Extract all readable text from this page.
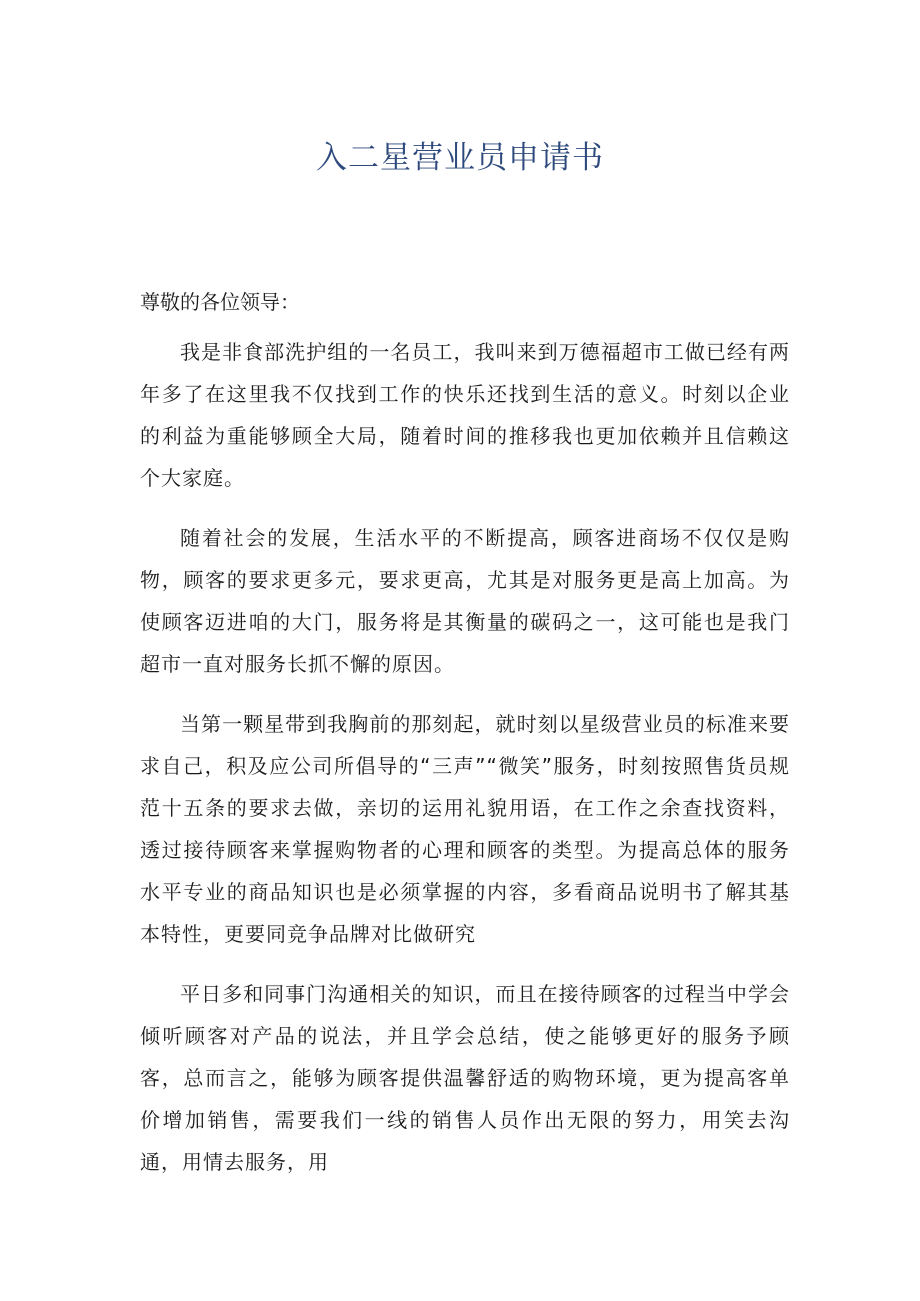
入二星营业员申请书

尊敬的各位领导：

我是非食部洗护组的一名员工，我叫来到万德福超市工做已经有两年多了在这里我不仅找到工作的快乐还找到生活的意义。时刻以企业的利益为重能够顾全大局，随着时间的推移我也更加依赖并且信赖这个大家庭。

随着社会的发展，生活水平的不断提高，顾客进商场不仅仅是购物，顾客的要求更多元，要求更高，尤其是对服务更是高上加高。为使顾客迈进咱的大门，服务将是其衡量的碳码之一，这可能也是我门超市一直对服务长抓不懈的原因。

当第一颗星带到我胸前的那刻起，就时刻以星级营业员的标准来要求自己，积及应公司所倡导的“三声”“微笑”服务，时刻按照售货员规范十五条的要求去做，亲切的运用礼貌用语，在工作之余查找资料，透过接待顾客来掌握购物者的心理和顾客的类型。为提高总体的服务水平专业的商品知识也是必须掌握的内容，多看商品说明书了解其基本特性，更要同竞争品牌对比做研究

平日多和同事门沟通相关的知识，而且在接待顾客的过程当中学会倾听顾客对产品的说法，并且学会总结，使之能够更好的服务予顾客，总而言之，能够为顾客提供温馨舒适的购物环境，更为提高客单价增加销售，需要我们一线的销售人员作出无限的努力，用笑去沟通，用情去服务，用
